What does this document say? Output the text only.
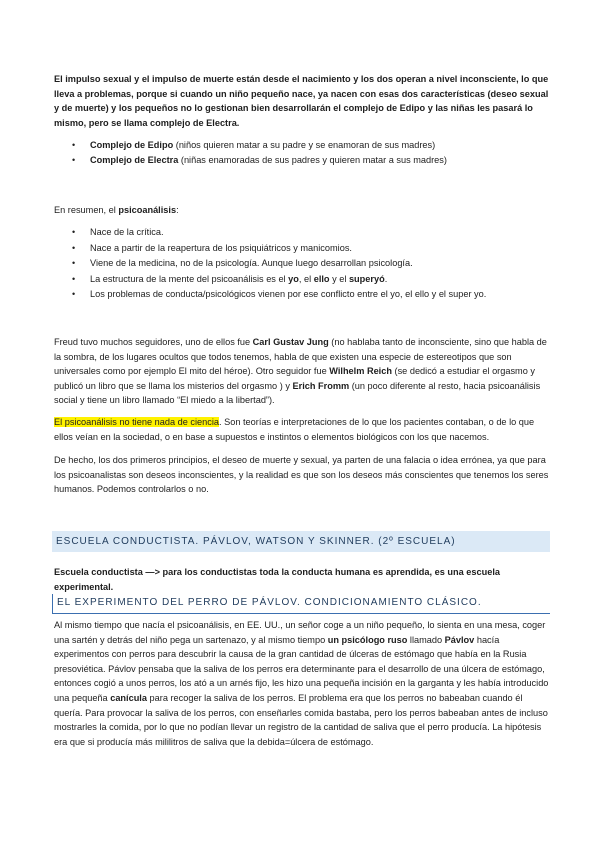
El impulso sexual y el impulso de muerte están desde el nacimiento y los dos operan a nivel inconsciente, lo que lleva a problemas, porque si cuando un niño pequeño nace, ya nacen con esas dos características (deseo sexual y de muerte) y los pequeños no lo gestionan bien desarrollarán el complejo de Edipo y las niñas les pasará lo mismo, pero se llama complejo de Electra.

• Complejo de Edipo (niños quieren matar a su padre y se enamoran de sus madres)
• Complejo de Electra (niñas enamoradas de sus padres y quieren matar a sus madres)

En resumen, el psicoanálisis:

• Nace de la crítica.
• Nace a partir de la reapertura de los psiquiátricos y manicomios.
• Viene de la medicina, no de la psicología. Aunque luego desarrollan psicología.
• La estructura de la mente del psicoanálisis es el yo, el ello y el superyó.
• Los problemas de conducta/psicológicos vienen por ese conflicto entre el yo, el ello y el super yo.

Freud tuvo muchos seguidores, uno de ellos fue Carl Gustav Jung (no hablaba tanto de inconsciente, sino que habla de la sombra, de los lugares ocultos que todos tenemos, habla de que existen una especie de estereotipos que son universales como por ejemplo El mito del héroe). Otro seguidor fue Wilhelm Reich (se dedicó a estudiar el orgasmo y publicó un libro que se llama los misterios del orgasmo ) y Erich Fromm (un poco diferente al resto, hacia psicoanálisis social y tiene un libro llamado “El miedo a la libertad”).

El psicoanálisis no tiene nada de ciencia. Son teorías e interpretaciones de lo que los pacientes contaban, o de lo que ellos veían en la sociedad, o en base a supuestos e instintos o elementos biológicos con los que nacemos.

De hecho, los dos primeros principios, el deseo de muerte y sexual, ya parten de una falacia o idea errónea, ya que para los psicoanalistas son deseos inconscientes, y la realidad es que son los deseos más conscientes que tenemos los seres humanos. Podemos controlarlos o no.

ESCUELA CONDUCTISTA. PÁVLOV, WATSON Y SKINNER. (2º ESCUELA)

Escuela conductista —> para los conductistas toda la conducta humana es aprendida, es una escuela experimental.

EL EXPERIMENTO DEL PERRO DE PÁVLOV. CONDICIONAMIENTO CLÁSICO.

Al mismo tiempo que nacía el psicoanálisis, en EE. UU., un señor coge a un niño pequeño, lo sienta en una mesa, coger una sartén y detrás del niño pega un sartenazo, y al mismo tiempo un psicólogo ruso llamado Pávlov hacía experimentos con perros para descubrir la causa de la gran cantidad de úlceras de estómago que había en la Rusia presoviética. Pávlov pensaba que la saliva de los perros era determinante para el desarrollo de una úlcera de estómago, entonces cogió a unos perros, los ató a un arnés fijo, les hizo una pequeña incisión en la garganta y les había introducido una pequeña canícula para recoger la saliva de los perros. El problema era que los perros no babeaban cuando él quería. Para provocar la saliva de los perros, con enseñarles comida bastaba, pero los perros babeaban antes de incluso mostrarles la comida, por lo que no podían llevar un registro de la cantidad de saliva que el perro producía. La hipótesis era que si producía más mililitros de saliva que la debida=úlcera de estómago.
